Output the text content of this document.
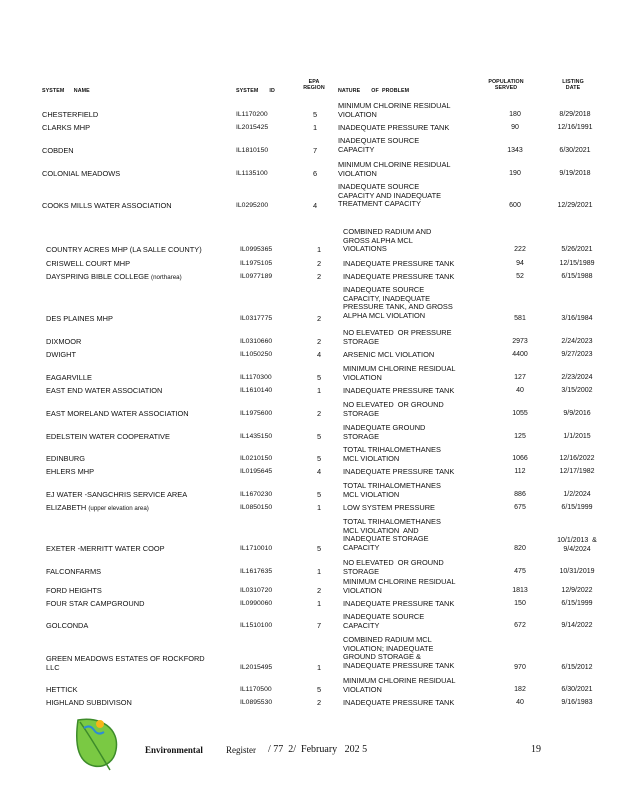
SYSTEM      NAME	SYSTEM       ID
EPA
REGION	NATURE       OF  PROBLEM
POPULATION
SERVED
LISTING
DATE
CHESTERFIELD	IL1170200	5
MINIMUM CHLORINE RESIDUAL
VIOLATION	180	8/29/2018
CLARKS MHP	IL2015425	1	INADEQUATE PRESSURE TANK	90	12/16/1991
COBDEN	IL1810150	7
INADEQUATE SOURCE
CAPACITY	1343	6/30/2021
COLONIAL MEADOWS	IL1135100	6
MINIMUM CHLORINE RESIDUAL
VIOLATION	190	9/19/2018
COOKS MILLS WATER ASSOCIATION	IL0295200	4
INADEQUATE SOURCE
CAPACITY AND INADEQUATE
TREATMENT CAPACITY	600	12/29/2021
COUNTRY ACRES MHP (LA SALLE COUNTY)	IL0995365	1
COMBINED RADIUM AND
GROSS ALPHA MCL
VIOLATIONS	222	5/26/2021
CRISWELL COURT MHP	IL1975105	2	INADEQUATE PRESSURE TANK	94	12/15/1989
DAYSPRING BIBLE COLLEGE (northarea)	IL0977189	2	INADEQUATE PRESSURE TANK	52	6/15/1988
DES PLAINES MHP	IL0317775	2
INADEQUATE SOURCE
CAPACITY, INADEQUATE
PRESSURE TANK, AND GROSS
ALPHA MCL VIOLATION	581	3/16/1984
DIXMOOR	IL0310660	2
NO ELEVATED  OR PRESSURE
STORAGE	2973	2/24/2023
DWIGHT	IL1050250	4	ARSENIC MCL VIOLATION	4400	9/27/2023
EAGARVILLE	IL1170300	5
MINIMUM CHLORINE RESIDUAL
VIOLATION	127	2/23/2024
EAST END WATER ASSOCIATION	IL1610140	1	INADEQUATE PRESSURE TANK	40	3/15/2002
EAST MORELAND WATER ASSOCIATION	IL1975600	2
NO ELEVATED  OR GROUND
STORAGE	1055	9/9/2016
EDELSTEIN WATER COOPERATIVE	IL1435150	5
INADEQUATE GROUND
STORAGE	125	1/1/2015
EDINBURG	IL0210150	5
TOTAL TRIHALOMETHANES
MCL VIOLATION	1066	12/16/2022
EHLERS MHP	IL0195645	4	INADEQUATE PRESSURE TANK	112	12/17/1982
EJ WATER -SANGCHRIS SERVICE AREA	IL1670230	5
TOTAL TRIHALOMETHANES
MCL VIOLATION	886	1/2/2024
ELIZABETH (upper elevation area)	IL0850150	1	LOW SYSTEM PRESSURE	675	6/15/1999
EXETER -MERRITT WATER COOP	IL1710010	5
TOTAL TRIHALOMETHANES
MCL VIOLATION  AND
INADEQUATE STORAGE
CAPACITY	820
10/1/2013  &
9/4/2024
FALCONFARMS	IL1617635	1
NO ELEVATED  OR GROUND
STORAGE	475	10/31/2019
FORD HEIGHTS	IL0310720	2
MINIMUM CHLORINE RESIDUAL
VIOLATION	1813	12/9/2022
FOUR STAR CAMPGROUND	IL0990060	1	INADEQUATE PRESSURE TANK	150	6/15/1999
GOLCONDA	IL1510100	7
INADEQUATE SOURCE
CAPACITY	672	9/14/2022
GREEN MEADOWS ESTATES OF ROCKFORD
LLC	IL2015495	1
COMBINED RADIUM MCL
VIOLATION; INADEQUATE
GROUND STORAGE &
INADEQUATE PRESSURE TANK	970	6/15/2012
HETTICK	IL1170500	5
MINIMUM CHLORINE RESIDUAL
VIOLATION	182	6/30/2021
HIGHLAND SUBDIVISON	IL0895530	2	INADEQUATE PRESSURE TANK	40	9/16/1983
Environmental	Register / 77  2/  February   202 5	19
